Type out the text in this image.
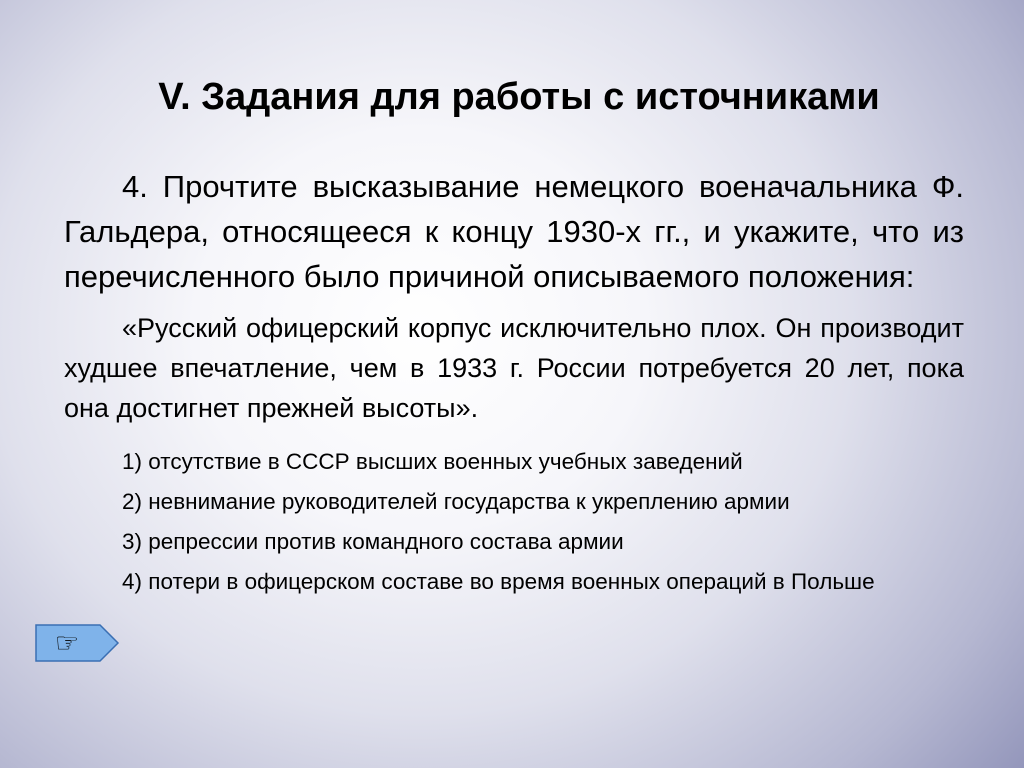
V. Задания для работы с источниками

4. Прочтите высказывание немецкого военачальника Ф. Гальдера, относящееся к концу 1930-х гг., и укажите, что из перечисленного было причиной описываемого положения:

«Русский офицерский корпус исключительно плох. Он производит худшее впечатление, чем в 1933 г. России потребуется 20 лет, пока она достигнет прежней высоты».

1) отсутствие в СССР высших военных учебных заведений

2) невнимание руководителей государства к укреплению армии

3) репрессии против командного состава армии

4) потери в офицерском составе во время военных операций в Польше

☞
